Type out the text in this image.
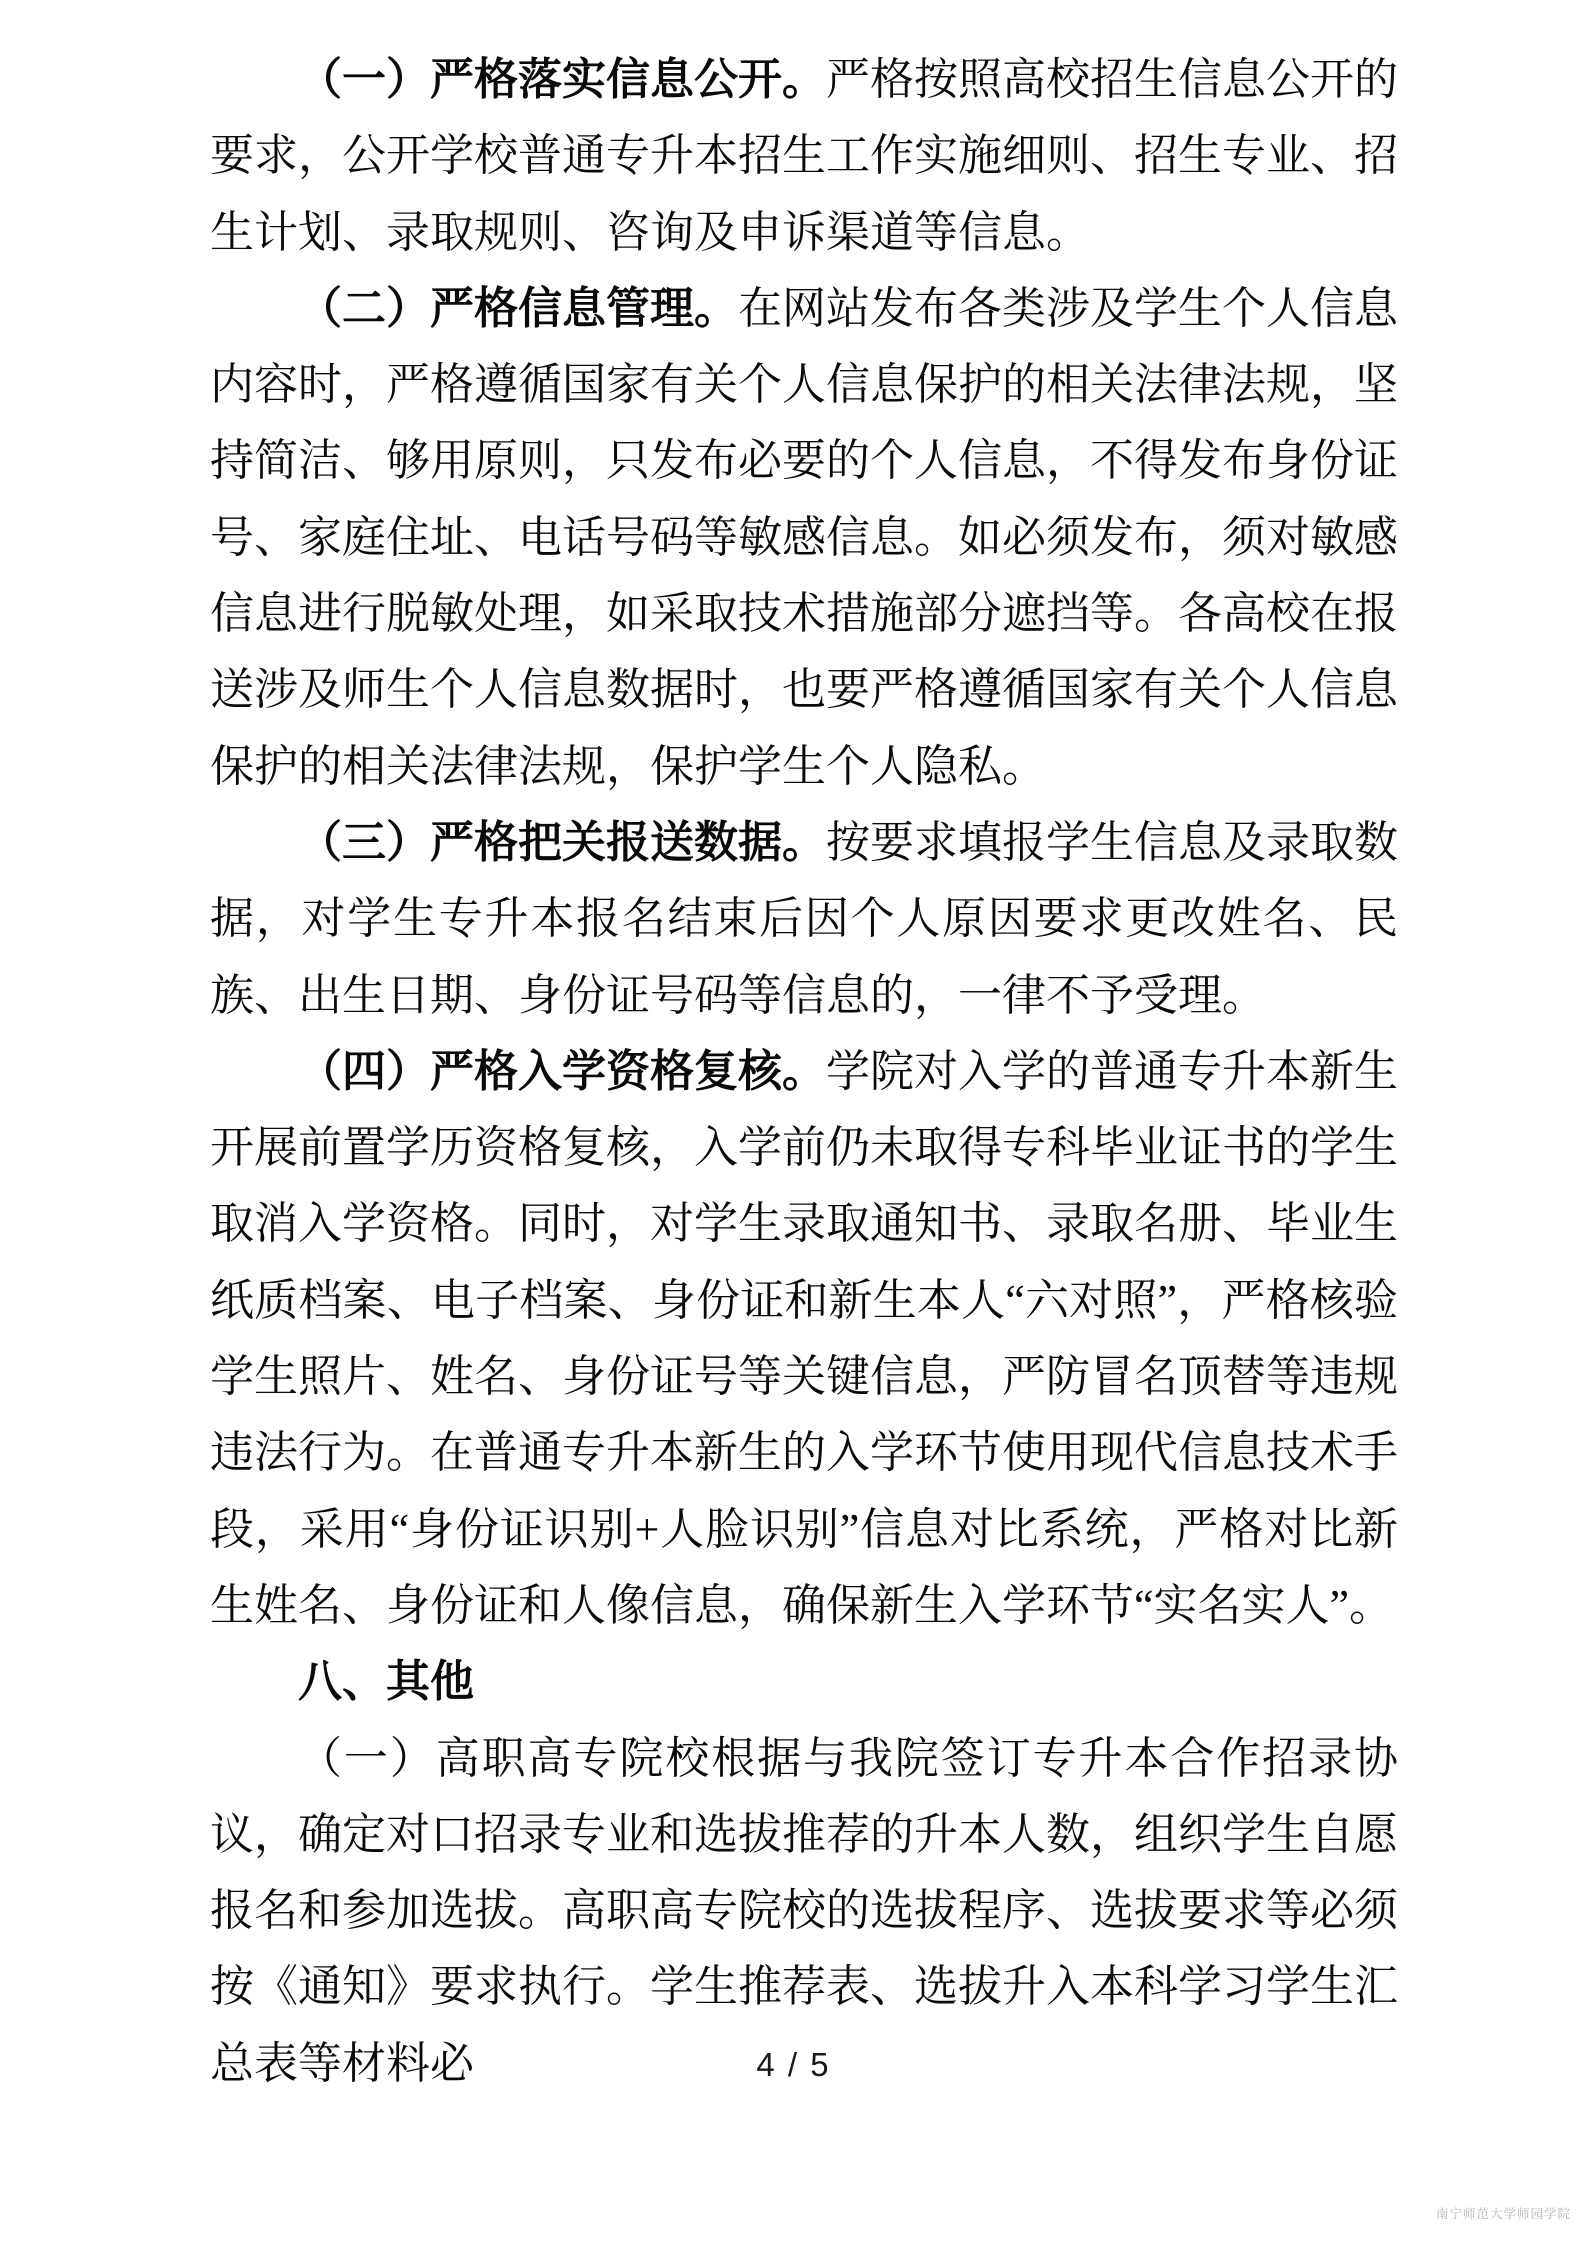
（一）严格落实信息公开。严格按照高校招生信息公开的要求，公开学校普通专升本招生工作实施细则、招生专业、招生计划、录取规则、咨询及申诉渠道等信息。

（二）严格信息管理。在网站发布各类涉及学生个人信息内容时，严格遵循国家有关个人信息保护的相关法律法规，坚持简洁、够用原则，只发布必要的个人信息，不得发布身份证号、家庭住址、电话号码等敏感信息。如必须发布，须对敏感信息进行脱敏处理，如采取技术措施部分遮挡等。各高校在报送涉及师生个人信息数据时，也要严格遵循国家有关个人信息保护的相关法律法规，保护学生个人隐私。

（三）严格把关报送数据。按要求填报学生信息及录取数据，对学生专升本报名结束后因个人原因要求更改姓名、民族、出生日期、身份证号码等信息的，一律不予受理。

（四）严格入学资格复核。学院对入学的普通专升本新生开展前置学历资格复核，入学前仍未取得专科毕业证书的学生取消入学资格。同时，对学生录取通知书、录取名册、毕业生纸质档案、电子档案、身份证和新生本人“六对照”，严格核验学生照片、姓名、身份证号等关键信息，严防冒名顶替等违规违法行为。在普通专升本新生的入学环节使用现代信息技术手段，采用“身份证识别+人脸识别”信息对比系统，严格对比新生姓名、身份证和人像信息，确保新生入学环节“实名实人”。

八、其他

（一）高职高专院校根据与我院签订专升本合作招录协议，确定对口招录专业和选拔推荐的升本人数，组织学生自愿报名和参加选拔。高职高专院校的选拔程序、选拔要求等必须按《通知》要求执行。学生推荐表、选拔升入本科学习学生汇总表等材料必	4 / 5
南宁师范大学师园学院
